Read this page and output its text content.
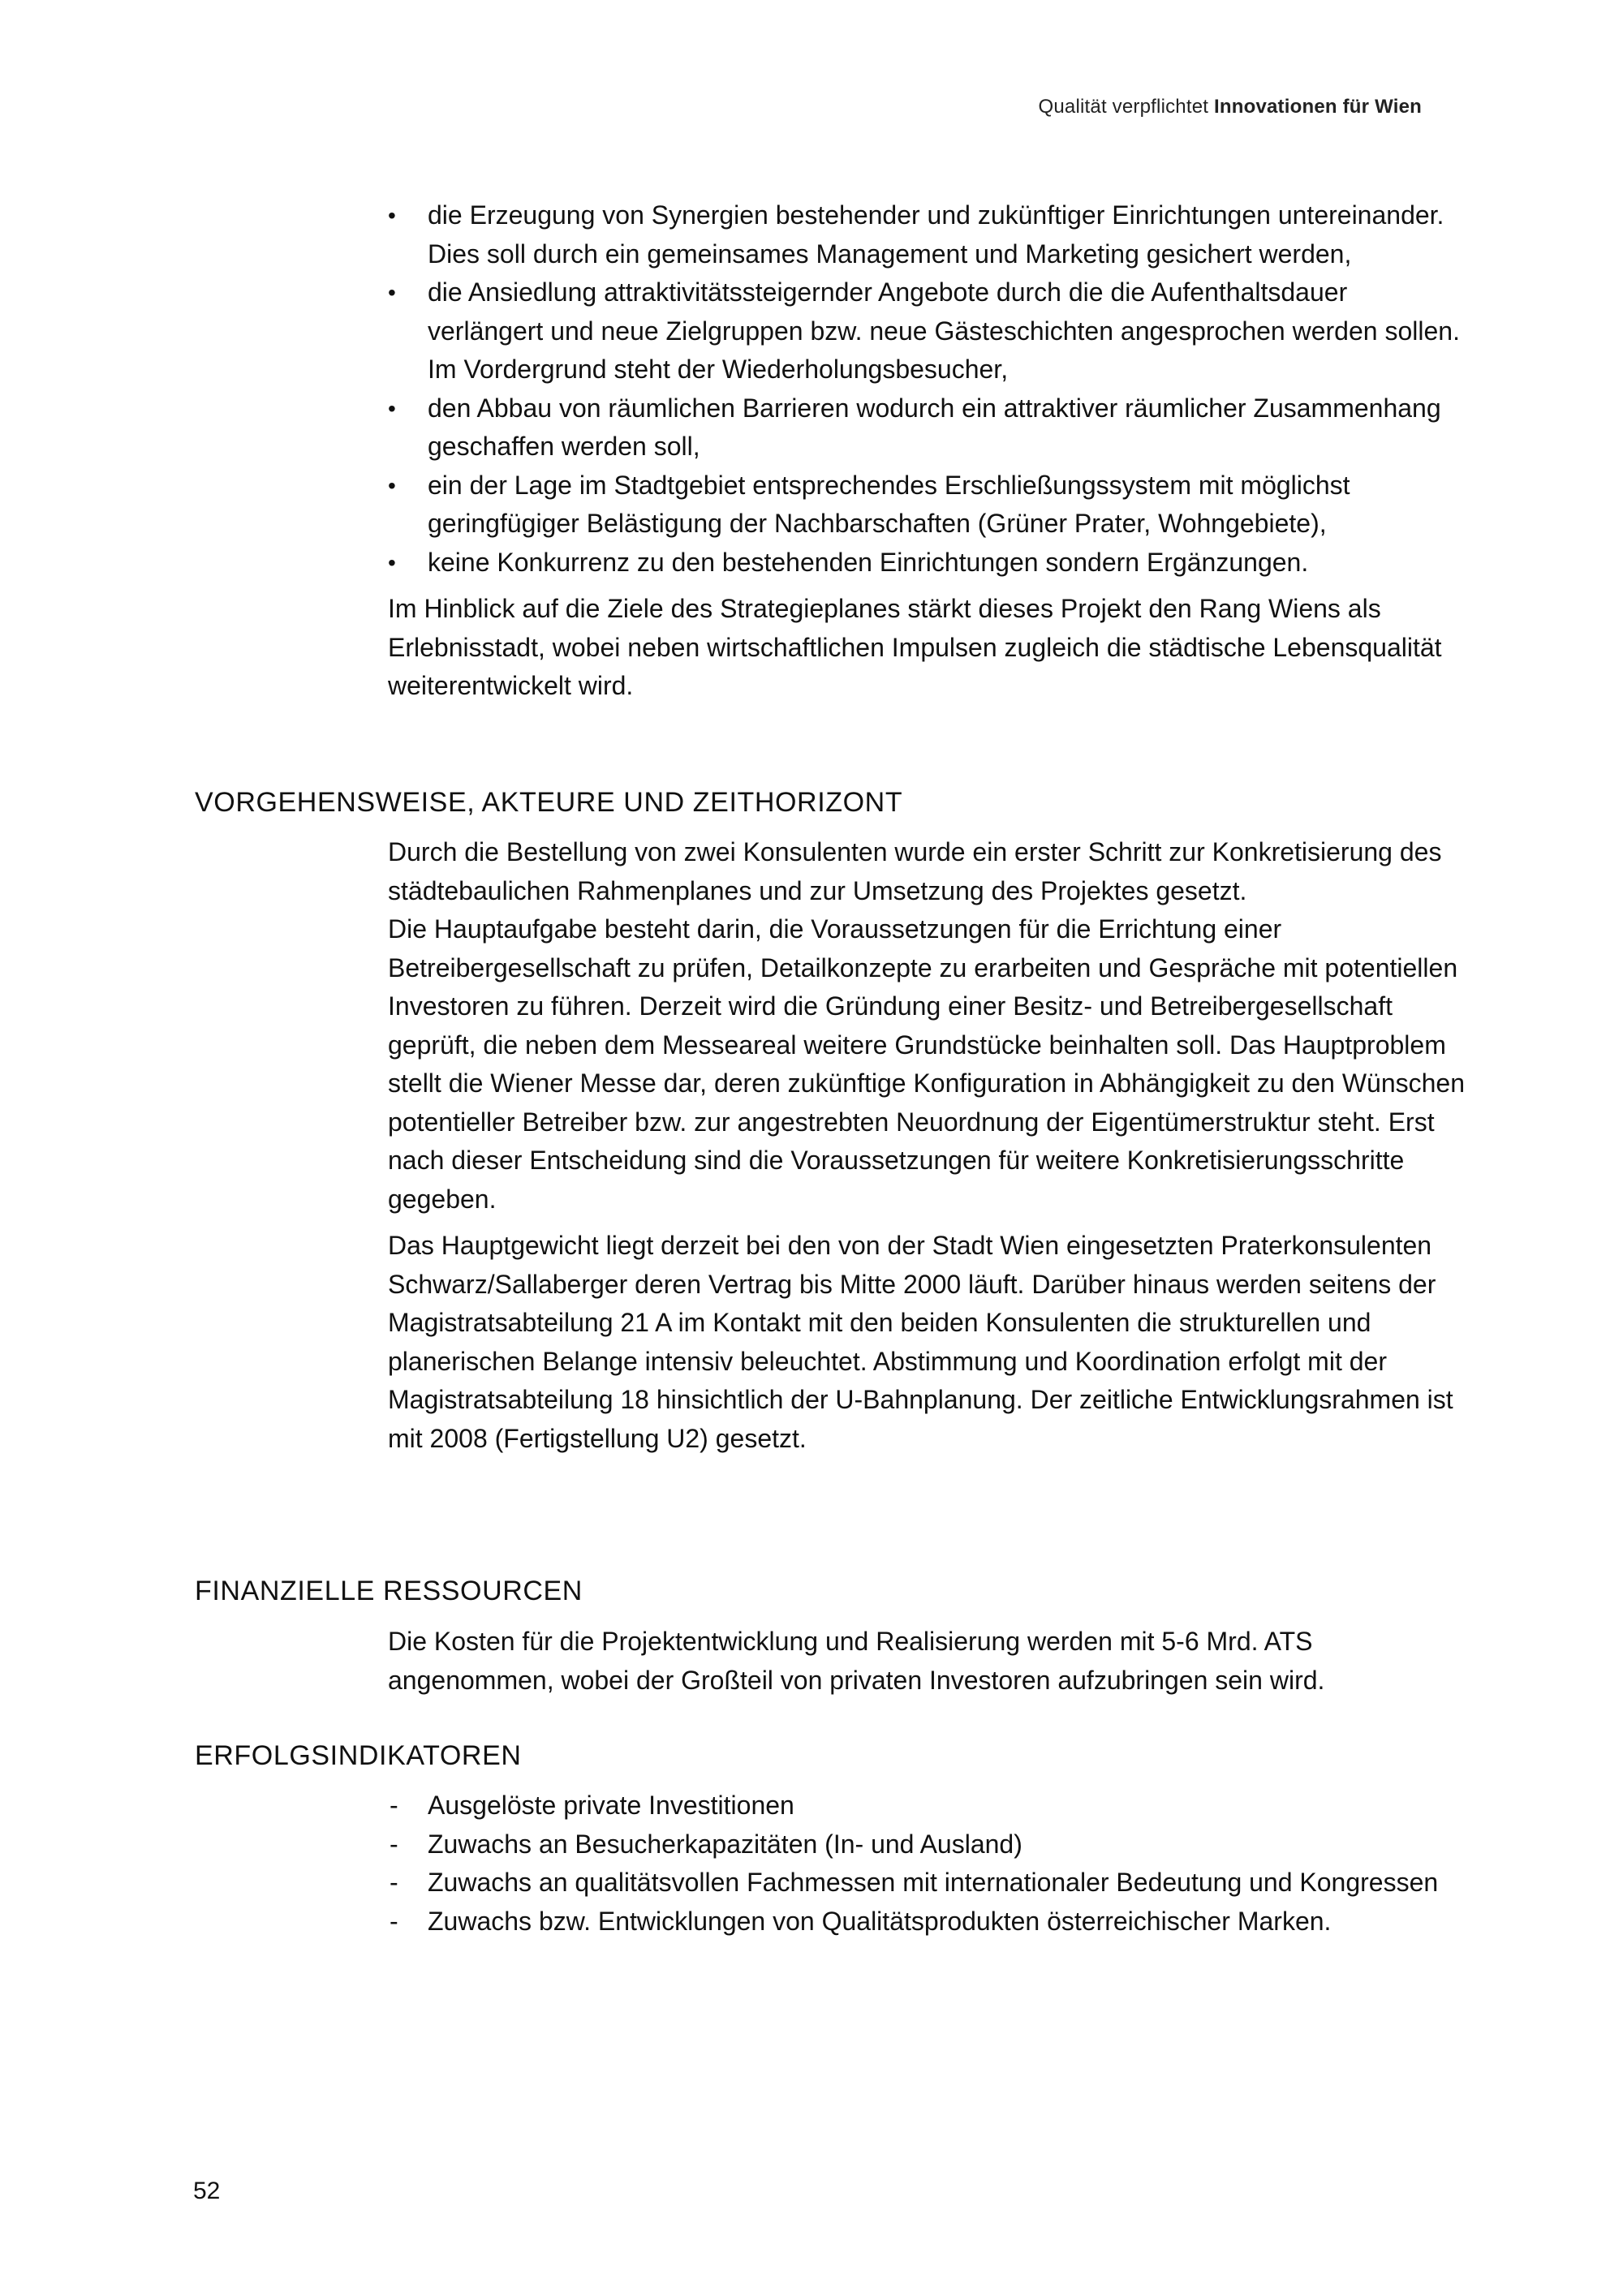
Qualität verpflichtet Innovationen für Wien
• die Erzeugung von Synergien bestehender und zukünftiger Einrichtungen untereinander. Dies soll durch ein gemeinsames Management und Marketing gesichert werden,
• die Ansiedlung attraktivitätssteigernder Angebote durch die die Aufenthaltsdauer verlängert und neue Zielgruppen bzw. neue Gästeschichten angesprochen werden sollen. Im Vordergrund steht der Wiederholungsbesucher,
• den Abbau von räumlichen Barrieren wodurch ein attraktiver räumlicher Zusammenhang geschaffen werden soll,
• ein der Lage im Stadtgebiet entsprechendes Erschließungssystem mit möglichst geringfügiger Belästigung der Nachbarschaften (Grüner Prater, Wohngebiete),
• keine Konkurrenz zu den bestehenden Einrichtungen sondern Ergänzungen.

Im Hinblick auf die Ziele des Strategieplanes stärkt dieses Projekt den Rang Wiens als Erlebnisstadt, wobei neben wirtschaftlichen Impulsen zugleich die städtische Lebensqualität weiterentwickelt wird.

VORGEHENSWEISE, AKTEURE UND ZEITHORIZONT

Durch die Bestellung von zwei Konsulenten wurde ein erster Schritt zur Konkretisierung des städtebaulichen Rahmenplanes und zur Umsetzung des Projektes gesetzt.

Die Hauptaufgabe besteht darin, die Voraussetzungen für die Errichtung einer Betreibergesellschaft zu prüfen, Detailkonzepte zu erarbeiten und Gespräche mit potentiellen Investoren zu führen. Derzeit wird die Gründung einer Besitz- und Betreibergesellschaft geprüft, die neben dem Messeareal weitere Grundstücke beinhalten soll. Das Hauptproblem stellt die Wiener Messe dar, deren zukünftige Konfiguration in Abhängigkeit zu den Wünschen potentieller Betreiber bzw. zur angestrebten Neuordnung der Eigentümerstruktur steht. Erst nach dieser Entscheidung sind die Voraussetzungen für weitere Konkretisierungsschritte gegeben.

Das Hauptgewicht liegt derzeit bei den von der Stadt Wien eingesetzten Praterkonsulenten Schwarz/Sallaberger deren Vertrag bis Mitte 2000 läuft. Darüber hinaus werden seitens der Magistratsabteilung 21 A im Kontakt mit den beiden Konsulenten die strukturellen und planerischen Belange intensiv beleuchtet. Abstimmung und Koordination erfolgt mit der Magistratsabteilung 18 hinsichtlich der U-Bahnplanung. Der zeitliche Entwicklungsrahmen ist mit 2008 (Fertigstellung U2) gesetzt.

FINANZIELLE RESSOURCEN

Die Kosten für die Projektentwicklung und Realisierung werden mit 5-6 Mrd. ATS angenommen, wobei der Großteil von privaten Investoren aufzubringen sein wird.

ERFOLGSINDIKATOREN
- Ausgelöste private Investitionen
- Zuwachs an Besucherkapazitäten (In- und Ausland)
- Zuwachs an qualitätsvollen Fachmessen mit internationaler Bedeutung und Kongressen
- Zuwachs bzw. Entwicklungen von Qualitätsprodukten österreichischer Marken.
52
